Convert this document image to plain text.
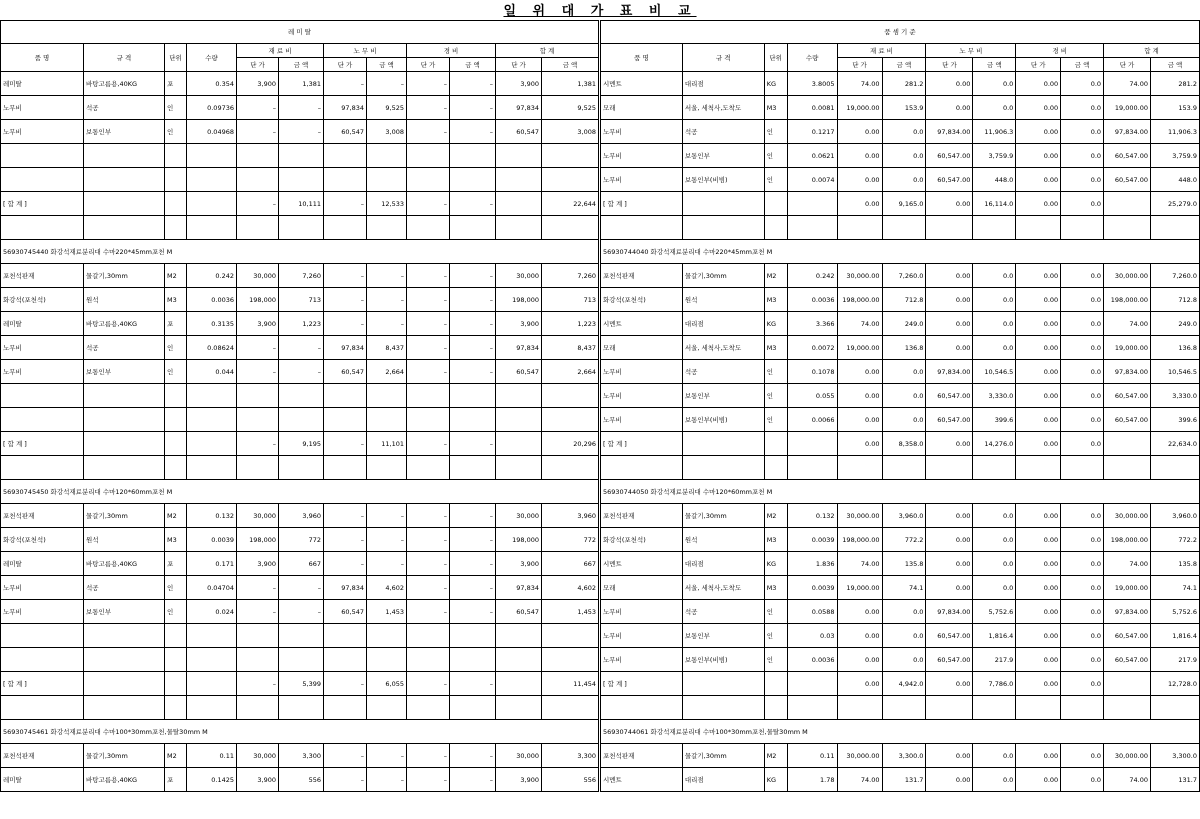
일 위 대 가 표 비 교
레 미 탈											
품 명	규 격	단위	수량	재 료 비		노 무 비		경 비		합 계	
				단 가	금 액	단 가	금 액	단 가	금 액	단 가	금 액
레미탈	바탕고름용,40KG	포	0.354	3,900	1,381	–	–	–	–	3,900	1,381
노무비	석공	인	0.09736	–	–	97,834	9,525	–	–	97,834	9,525
노무비	보통인부	인	0.04968	–	–	60,547	3,008	–	–	60,547	3,008

[ 합 계 ]				–	10,111	–	12,533	–	–		22,644

56930745440 화강석재료분리대 수마220*45mm포천 M											
포천석판재	물갈기,30mm	M2	0.242	30,000	7,260	–	–	–	–	30,000	7,260
화강석(포천석)	원석	M3	0.0036	198,000	713	–	–	–	–	198,000	713
레미탈	바탕고름용,40KG	포	0.3135	3,900	1,223	–	–	–	–	3,900	1,223
노무비	석공	인	0.08624	–	–	97,834	8,437	–	–	97,834	8,437
노무비	보통인부	인	0.044	–	–	60,547	2,664	–	–	60,547	2,664

[ 합 계 ]				–	9,195	–	11,101	–	–		20,296

56930745450 화강석재료분리대 수마120*60mm포천 M											
포천석판재	물갈기,30mm	M2	0.132	30,000	3,960	–	–	–	–	30,000	3,960
화강석(포천석)	원석	M3	0.0039	198,000	772	–	–	–	–	198,000	772
레미탈	바탕고름용,40KG	포	0.171	3,900	667	–	–	–	–	3,900	667
노무비	석공	인	0.04704	–	–	97,834	4,602	–	–	97,834	4,602
노무비	보통인부	인	0.024	–	–	60,547	1,453	–	–	60,547	1,453

[ 합 계 ]				–	5,399	–	6,055	–	–		11,454

56930745461 화강석재료분리대 수마100*30mm포천,물탈30mm M											
포천석판재	물갈기,30mm	M2	0.11	30,000	3,300	–	–	–	–	30,000	3,300
레미탈	바탕고름용,40KG	포	0.1425	3,900	556	–	–	–	–	3,900	556
품 셈 기 준											
품 명	규 격	단위	수량	재 료 비		노 무 비		경 비		합 계	
				단 가	금 액	단 가	금 액	단 가	금 액	단 가	금 액
시멘트	대리점	KG	3.8005	74.00	281.2	0.00	0.0	0.00	0.0	74.00	281.2
모래	서울, 세척사,도착도	M3	0.0081	19,000.00	153.9	0.00	0.0	0.00	0.0	19,000.00	153.9
노무비	석공	인	0.1217	0.00	0.0	97,834.00	11,906.3	0.00	0.0	97,834.00	11,906.3
노무비	보통인부	인	0.0621	0.00	0.0	60,547.00	3,759.9	0.00	0.0	60,547.00	3,759.9
노무비	보통인부(비빔)	인	0.0074	0.00	0.0	60,547.00	448.0	0.00	0.0	60,547.00	448.0
[ 합 계 ]				0.00	9,165.0	0.00	16,114.0	0.00	0.0		25,279.0

56930744040 화강석재료분리대 수마220*45mm포천 M											
포천석판재	물갈기,30mm	M2	0.242	30,000.00	7,260.0	0.00	0.0	0.00	0.0	30,000.00	7,260.0
화강석(포천석)	원석	M3	0.0036	198,000.00	712.8	0.00	0.0	0.00	0.0	198,000.00	712.8
시멘트	대리점	KG	3.366	74.00	249.0	0.00	0.0	0.00	0.0	74.00	249.0
모래	서울, 세척사,도착도	M3	0.0072	19,000.00	136.8	0.00	0.0	0.00	0.0	19,000.00	136.8
노무비	석공	인	0.1078	0.00	0.0	97,834.00	10,546.5	0.00	0.0	97,834.00	10,546.5
노무비	보통인부	인	0.055	0.00	0.0	60,547.00	3,330.0	0.00	0.0	60,547.00	3,330.0
노무비	보통인부(비빔)	인	0.0066	0.00	0.0	60,547.00	399.6	0.00	0.0	60,547.00	399.6
[ 합 계 ]				0.00	8,358.0	0.00	14,276.0	0.00	0.0		22,634.0

56930744050 화강석재료분리대 수마120*60mm포천 M											
포천석판재	물갈기,30mm	M2	0.132	30,000.00	3,960.0	0.00	0.0	0.00	0.0	30,000.00	3,960.0
화강석(포천석)	원석	M3	0.0039	198,000.00	772.2	0.00	0.0	0.00	0.0	198,000.00	772.2
시멘트	대리점	KG	1.836	74.00	135.8	0.00	0.0	0.00	0.0	74.00	135.8
모래	서울, 세척사,도착도	M3	0.0039	19,000.00	74.1	0.00	0.0	0.00	0.0	19,000.00	74.1
노무비	석공	인	0.0588	0.00	0.0	97,834.00	5,752.6	0.00	0.0	97,834.00	5,752.6
노무비	보통인부	인	0.03	0.00	0.0	60,547.00	1,816.4	0.00	0.0	60,547.00	1,816.4
노무비	보통인부(비빔)	인	0.0036	0.00	0.0	60,547.00	217.9	0.00	0.0	60,547.00	217.9
[ 합 계 ]				0.00	4,942.0	0.00	7,786.0	0.00	0.0		12,728.0

56930744061 화강석재료분리대 수마100*30mm포천,물탈30mm M											
포천석판재	물갈기,30mm	M2	0.11	30,000.00	3,300.0	0.00	0.0	0.00	0.0	30,000.00	3,300.0
시멘트	대리점	KG	1.78	74.00	131.7	0.00	0.0	0.00	0.0	74.00	131.7
